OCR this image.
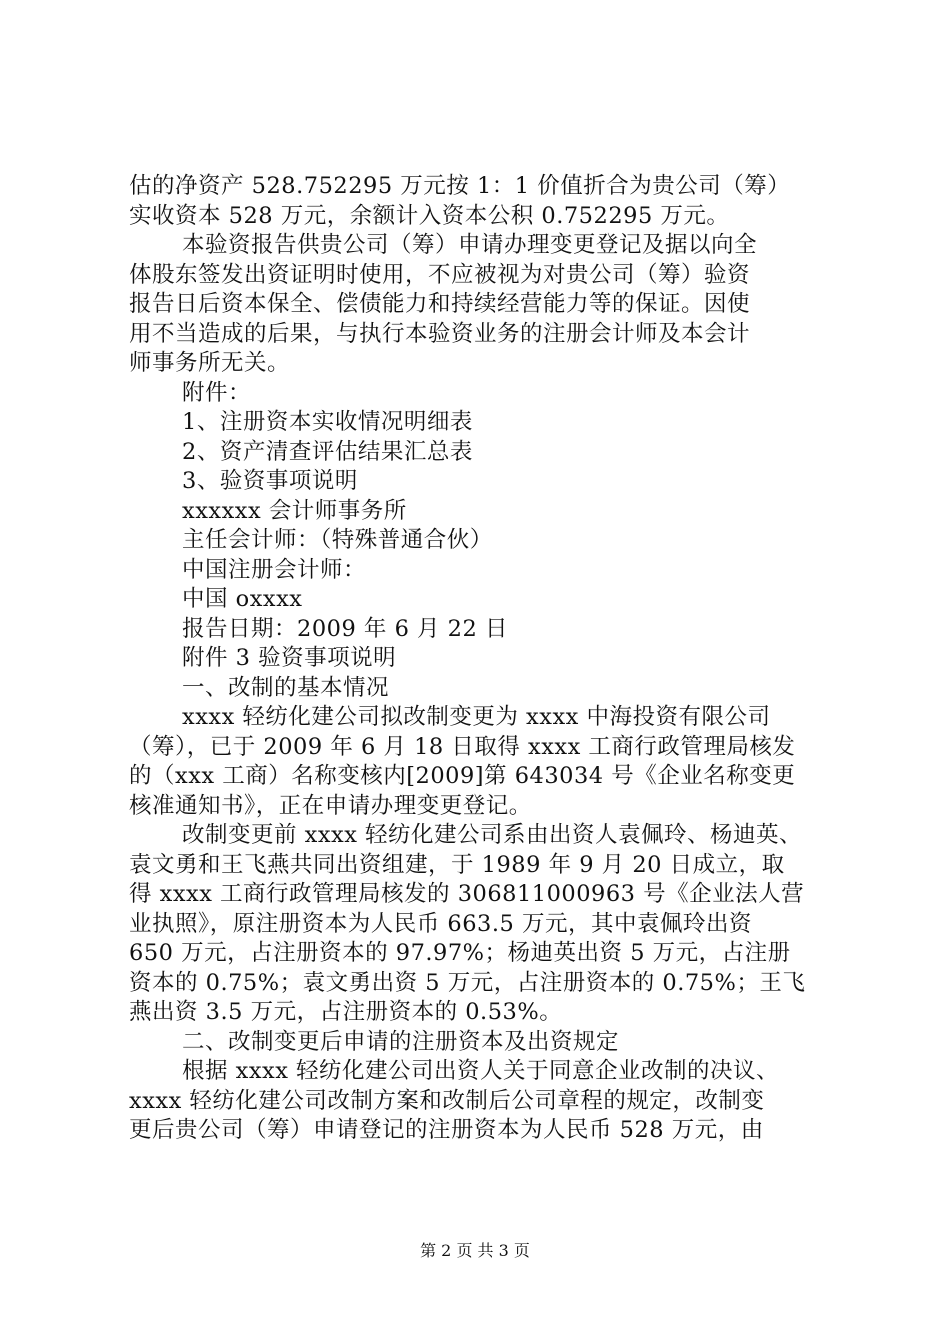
估的净资产 528.752295 万元按 1：1 价值折合为贵公司（筹）
实收资本 528 万元，余额计入资本公积 0.752295 万元。
本验资报告供贵公司（筹）申请办理变更登记及据以向全
体股东签发出资证明时使用，不应被视为对贵公司（筹）验资
报告日后资本保全、偿债能力和持续经营能力等的保证。因使
用不当造成的后果，与执行本验资业务的注册会计师及本会计
师事务所无关。
附件：
1、注册资本实收情况明细表
2、资产清查评估结果汇总表
3、验资事项说明
xxxxxx 会计师事务所
主任会计师：（特殊普通合伙）
中国注册会计师：
中国 oxxxx
报告日期：2009 年 6 月 22 日
附件 3 验资事项说明
一、改制的基本情况
xxxx 轻纺化建公司拟改制变更为 xxxx 中海投资有限公司
（筹），已于 2009 年 6 月 18 日取得 xxxx 工商行政管理局核发
的（xxx 工商）名称变核内[2009]第 643034 号《企业名称变更
核准通知书》，正在申请办理变更登记。
改制变更前 xxxx 轻纺化建公司系由出资人袁佩玲、杨迪英、
袁文勇和王飞燕共同出资组建，于 1989 年 9 月 20 日成立，取
得 xxxx 工商行政管理局核发的 306811000963 号《企业法人营
业执照》，原注册资本为人民币 663.5 万元，其中袁佩玲出资
650 万元，占注册资本的 97.97%；杨迪英出资 5 万元，占注册
资本的 0.75%；袁文勇出资 5 万元，占注册资本的 0.75%；王飞
燕出资 3.5 万元，占注册资本的 0.53%。
二、改制变更后申请的注册资本及出资规定
根据 xxxx 轻纺化建公司出资人关于同意企业改制的决议、
xxxx 轻纺化建公司改制方案和改制后公司章程的规定，改制变
更后贵公司（筹）申请登记的注册资本为人民币 528 万元，由
第 2 页 共 3 页
